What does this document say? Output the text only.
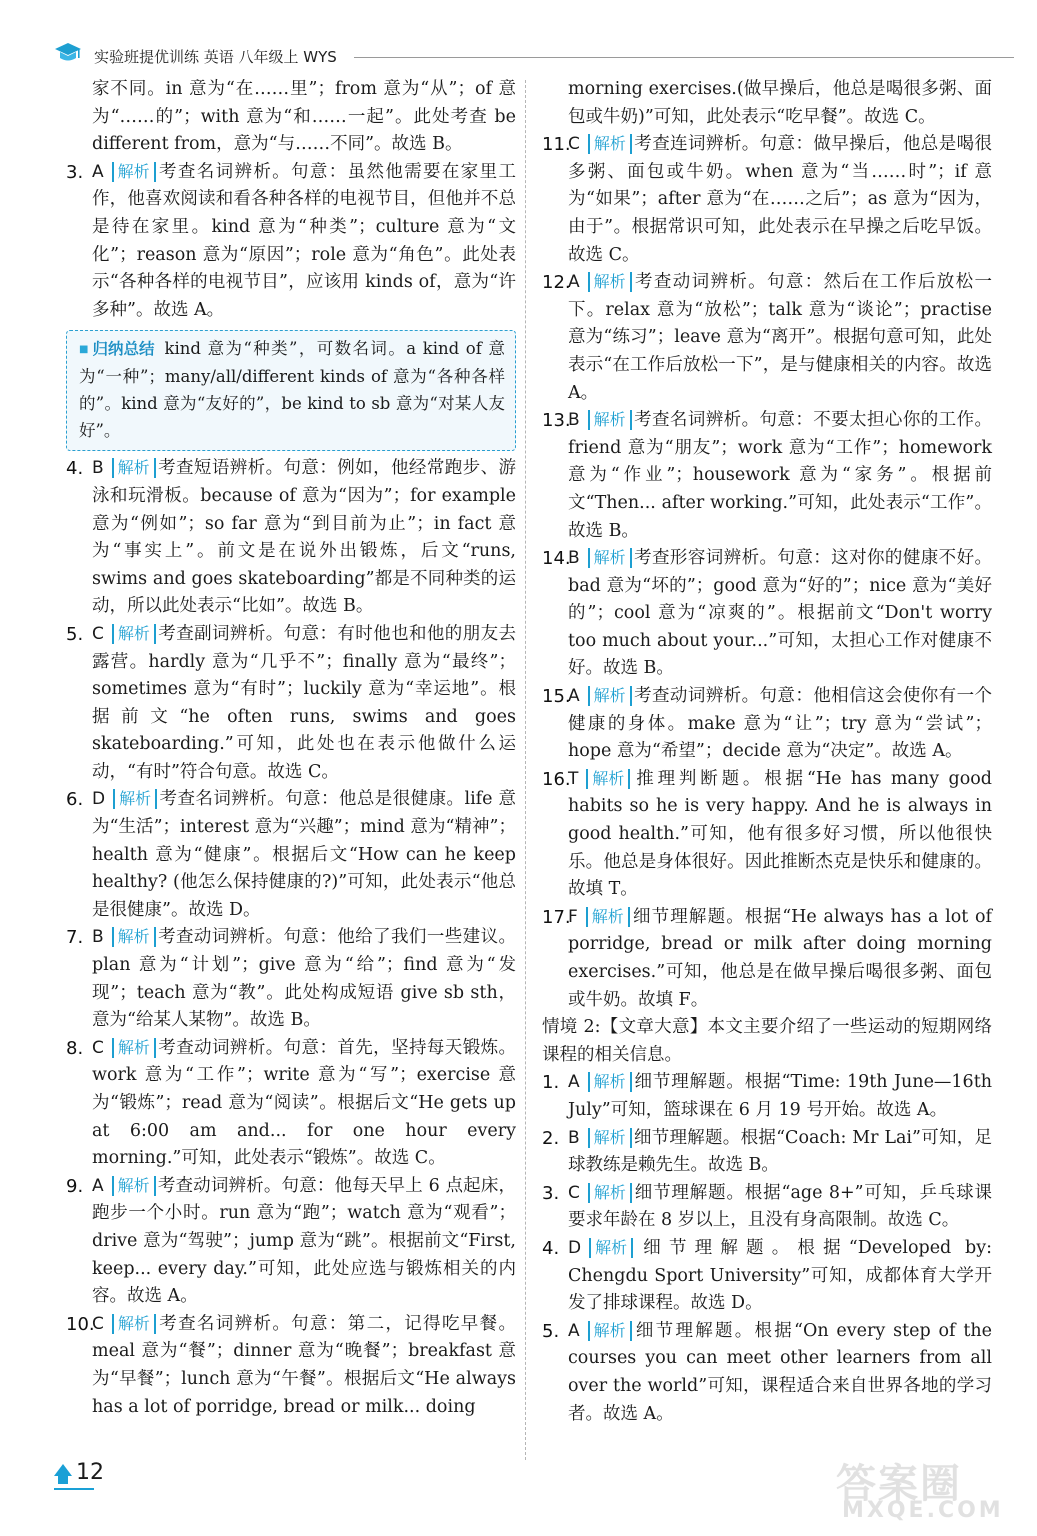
实验班提优训练 英语 八年级上 WYS
家不同。in 意为“在……里”；from 意为“从”；of 意为“……的”；with 意为“和……一起”。此处考查 be different from，意为“与……不同”。故选 B。
3. A 解析 考查名词辨析。句意：虽然他需要在家里工作，他喜欢阅读和看各种各样的电视节目，但他并不总是待在家里。kind 意为“种类”；culture 意为“文化”；reason 意为“原因”；role 意为“角色”。此处表示“各种各样的电视节目”，应该用 kinds of，意为“许多种”。故选 A。
■ 归纳总结 kind 意为“种类”，可数名词。a kind of 意为“一种”；many/all/different kinds of 意为“各种各样的”。kind 意为“友好的”，be kind to sb 意为“对某人友好”。
4. B 解析 考查短语辨析。句意：例如，他经常跑步、游泳和玩滑板。because of 意为“因为”；for example 意为“例如”；so far 意为“到目前为止”；in fact 意为“事实上”。前文是在说外出锻炼，后文“runs, swims and goes skateboarding”都是不同种类的运动，所以此处表示“比如”。故选 B。
5. C 解析 考查副词辨析。句意：有时他也和他的朋友去露营。hardly 意为“几乎不”；finally 意为“最终”；sometimes 意为“有时”；luckily 意为“幸运地”。根据前文“he often runs, swims and goes skateboarding.”可知，此处也在表示他做什么运动，“有时”符合句意。故选 C。
6. D 解析 考查名词辨析。句意：他总是很健康。life 意为“生活”；interest 意为“兴趣”；mind 意为“精神”；health 意为“健康”。根据后文“How can he keep healthy? (他怎么保持健康的?)”可知，此处表示“他总是很健康”。故选 D。
7. B 解析 考查动词辨析。句意：他给了我们一些建议。plan 意为“计划”；give 意为“给”；find 意为“发现”；teach 意为“教”。此处构成短语 give sb sth，意为“给某人某物”。故选 B。
8. C 解析 考查动词辨析。句意：首先，坚持每天锻炼。work 意为“工作”；write 意为“写”；exercise 意为“锻炼”；read 意为“阅读”。根据后文“He gets up at 6:00 am and... for one hour every morning.”可知，此处表示“锻炼”。故选 C。
9. A 解析 考查动词辨析。句意：他每天早上 6 点起床，跑步一个小时。run 意为“跑”；watch 意为“观看”；drive 意为“驾驶”；jump 意为“跳”。根据前文“First, keep... every day.”可知，此处应选与锻炼相关的内容。故选 A。
10.
C 解析 考查名词辨析。句意：第二，记得吃早餐。meal 意为“餐”；dinner 意为“晚餐”；breakfast 意为“早餐”；lunch 意为“午餐”。根据后文“He always has a lot of porridge, bread or milk... doing
morning exercises.(做早操后，他总是喝很多粥、面包或牛奶)”可知，此处表示“吃早餐”。故选 C。
11.
C 解析 考查连词辨析。句意：做早操后，他总是喝很多粥、面包或牛奶。when 意为“当……时”；if 意为“如果”；after 意为“在……之后”；as 意为“因为，由于”。根据常识可知，此处表示在早操之后吃早饭。故选 C。
12.
A 解析 考查动词辨析。句意：然后在工作后放松一下。relax 意为“放松”；talk 意为“谈论”；practise 意为“练习”；leave 意为“离开”。根据句意可知，此处表示“在工作后放松一下”，是与健康相关的内容。故选 A。
13.
B 解析 考查名词辨析。句意：不要太担心你的工作。friend 意为“朋友”；work 意为“工作”；homework 意为“作业”；housework 意为“家务”。根据前文“Then... after working.”可知，此处表示“工作”。故选 B。
14.
B 解析 考查形容词辨析。句意：这对你的健康不好。bad 意为“坏的”；good 意为“好的”；nice 意为“美好的”；cool 意为“凉爽的”。根据前文“Don't worry too much about your...”可知，太担心工作对健康不好。故选 B。
15.
A 解析 考查动词辨析。句意：他相信这会使你有一个健康的身体。make 意为“让”；try 意为“尝试”；hope 意为“希望”；decide 意为“决定”。故选 A。
16.
T 解析 推理判断题。根据“He has many good habits so he is very happy. And he is always in good health.”可知，他有很多好习惯，所以他很快乐。他总是身体很好。因此推断杰克是快乐和健康的。故填 T。
17.
F 解析 细节理解题。根据“He always has a lot of porridge, bread or milk after doing morning exercises.”可知，他总是在做早操后喝很多粥、面包或牛奶。故填 F。
情境 2:【文章大意】本文主要介绍了一些运动的短期网络课程的相关信息。
1. A 解析 细节理解题。根据“Time: 19th June—16th July”可知，篮球课在 6 月 19 号开始。故选 A。
2. B 解析 细节理解题。根据“Coach: Mr Lai”可知，足球教练是赖先生。故选 B。
3. C 解析 细节理解题。根据“age 8+”可知，乒乓球课要求年龄在 8 岁以上，且没有身高限制。故选 C。
4. D 解析 细节理解题。根据“Developed by: Chengdu Sport University”可知，成都体育大学开发了排球课程。故选 D。
5. A 解析 细节理解题。根据“On every step of the courses you can meet other learners from all over the world”可知，课程适合来自世界各地的学习者。故选 A。
12	答案圈
MXQE.COM
